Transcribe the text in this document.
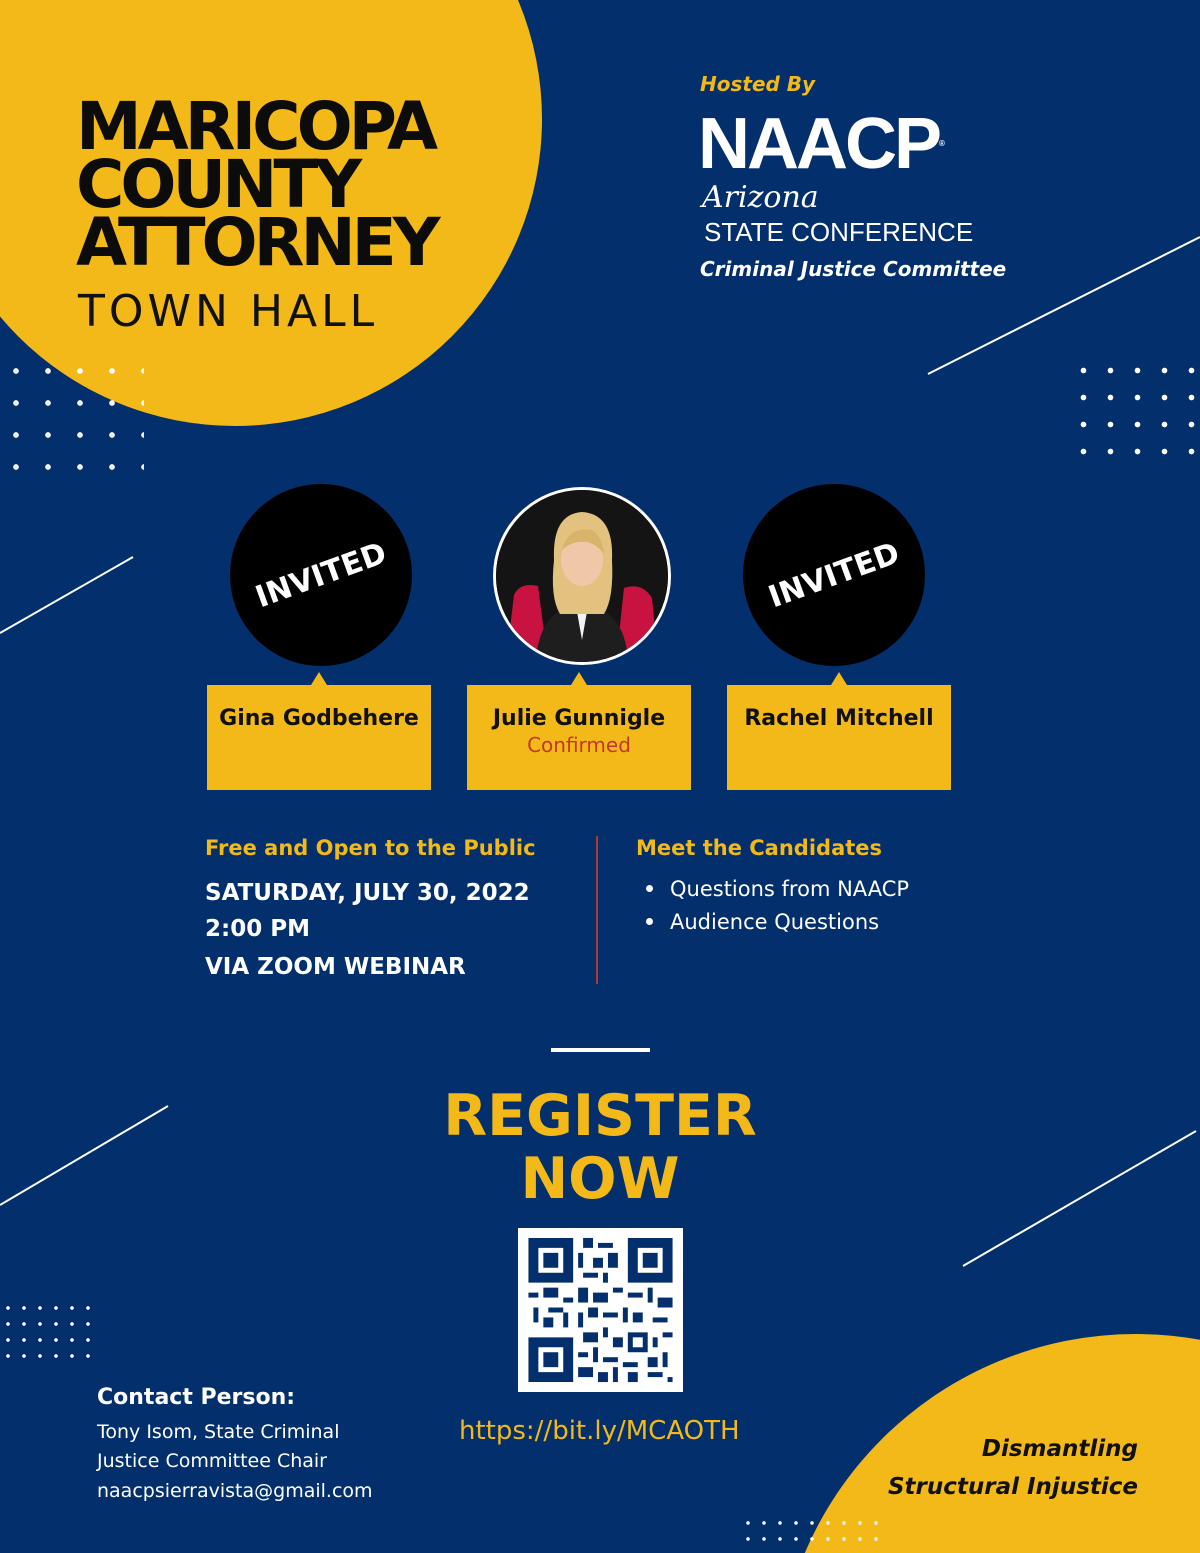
MARICOPA
COUNTY
ATTORNEY
TOWN HALL
Hosted By
NAACP®
Arizona
STATE CONFERENCE
Criminal Justice Committee
INVITED	INVITED
Gina Godbehere	Julie Gunnigle
Confirmed
Rachel Mitchell
Free and Open to the Public
SATURDAY, JULY 30, 2022
2:00 PM
VIA ZOOM WEBINAR
Meet the Candidates
Questions from NAACP
Audience Questions
REGISTER
NOW
https://bit.ly/MCAOTH
Contact Person:
Tony Isom, State Criminal
Justice Committee Chair
naacpsierravista@gmail.com
Dismantling
Structural Injustice
